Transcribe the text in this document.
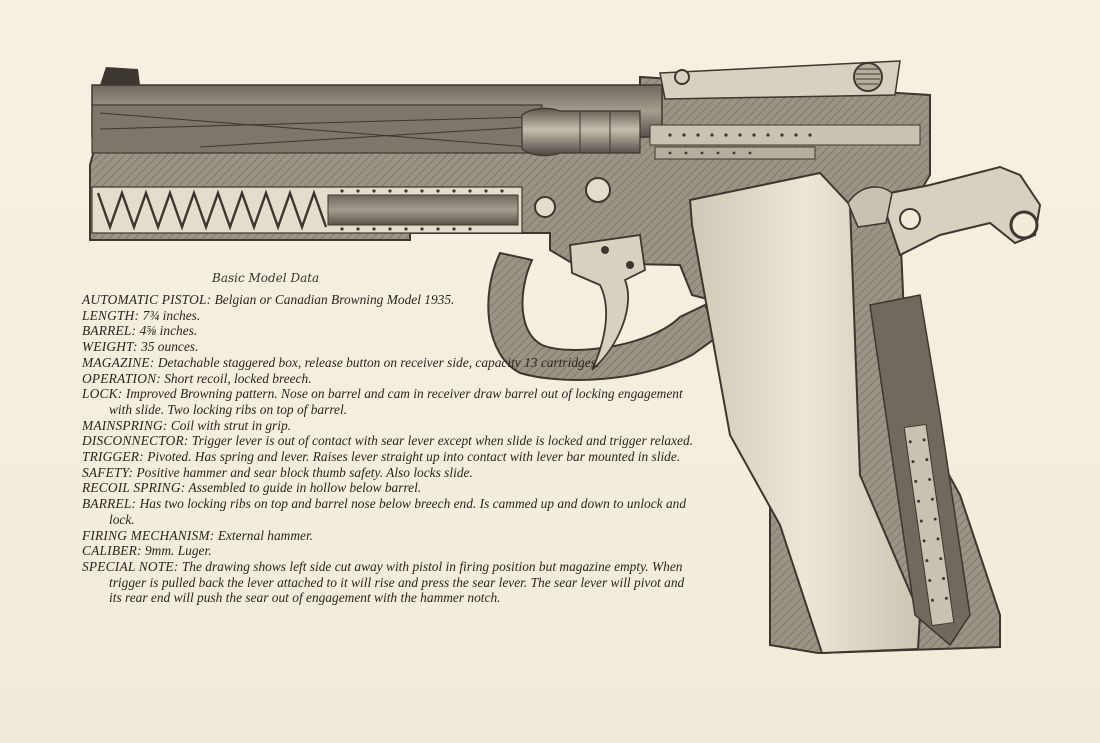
Basic Model Data

AUTOMATIC PISTOL: Belgian or Canadian Browning Model 1935.

LENGTH: 7¾ inches.

BARREL: 4⅝ inches.

WEIGHT: 35 ounces.

MAGAZINE: Detachable staggered box, release button on receiver side, capacity 13 cartridges.

OPERATION: Short recoil, locked breech.

LOCK: Improved Browning pattern. Nose on barrel and cam in receiver draw barrel out of locking engagement with slide. Two locking ribs on top of barrel.

MAINSPRING: Coil with strut in grip.

DISCONNECTOR: Trigger lever is out of contact with sear lever except when slide is locked and trigger relaxed.

TRIGGER: Pivoted. Has spring and lever. Raises lever straight up into contact with lever bar mounted in slide.

SAFETY: Positive hammer and sear block thumb safety. Also locks slide.

RECOIL SPRING: Assembled to guide in hollow below barrel.

BARREL: Has two locking ribs on top and barrel nose below breech end. Is cammed up and down to unlock and lock.

FIRING MECHANISM: External hammer.

CALIBER: 9mm. Luger.

SPECIAL NOTE: The drawing shows left side cut away with pistol in firing position but magazine empty. When trigger is pulled back the lever attached to it will rise and press the sear lever. The sear lever will pivot and its rear end will push the sear out of engagement with the hammer notch.
